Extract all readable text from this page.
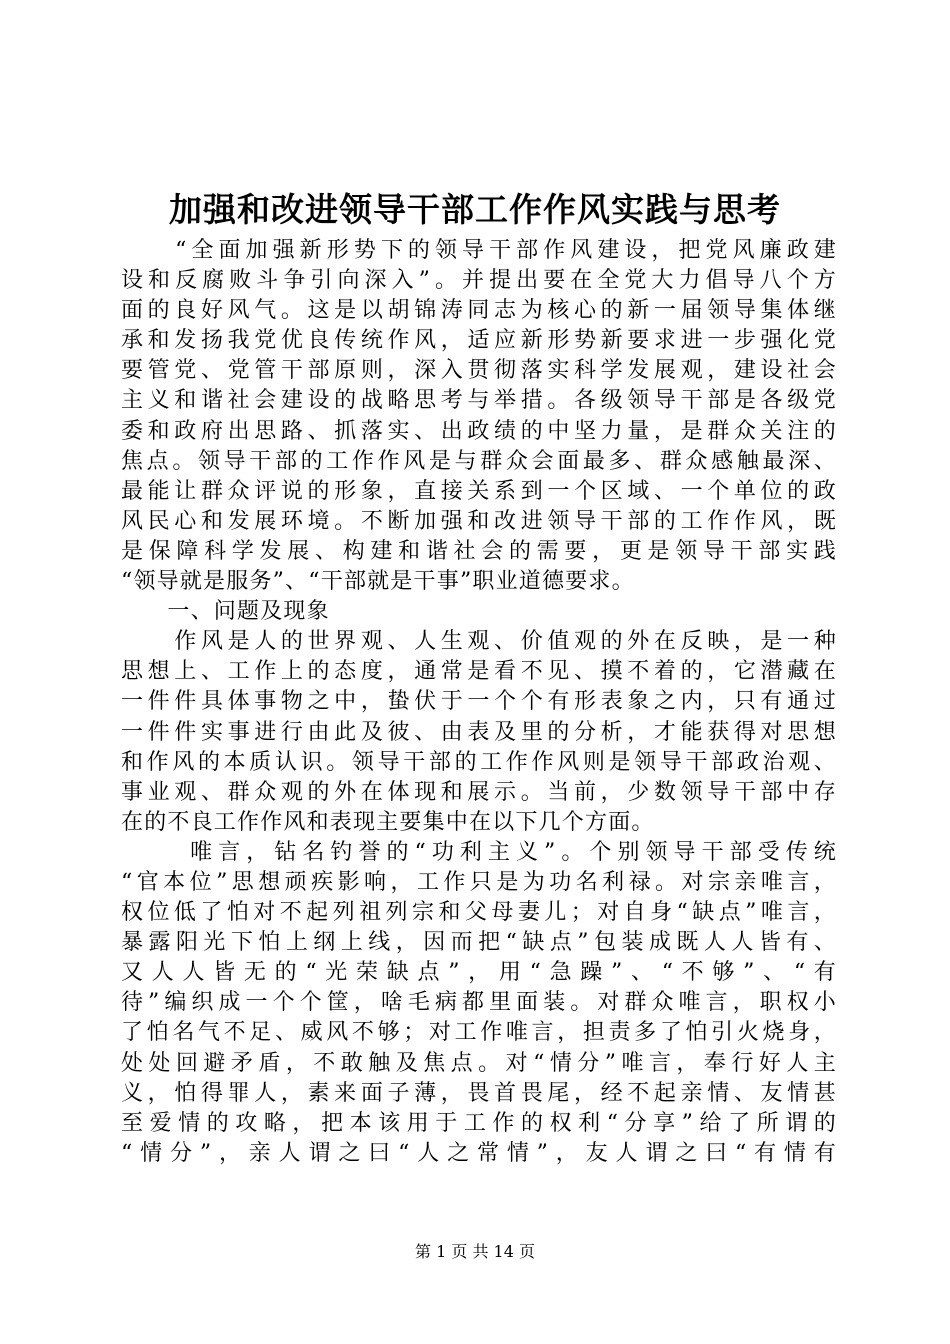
加强和改进领导干部工作作风实践与思考
　　“全面加强新形势下的领导干部作风建设，把党风廉政建
设和反腐败斗争引向深入”。并提出要在全党大力倡导八个方
面的良好风气。这是以胡锦涛同志为核心的新一届领导集体继
承和发扬我党优良传统作风，适应新形势新要求进一步强化党
要管党、党管干部原则，深入贯彻落实科学发展观，建设社会
主义和谐社会建设的战略思考与举措。各级领导干部是各级党
委和政府出思路、抓落实、出政绩的中坚力量，是群众关注的
焦点。领导干部的工作作风是与群众会面最多、群众感触最深、
最能让群众评说的形象，直接关系到一个区域、一个单位的政
风民心和发展环境。不断加强和改进领导干部的工作作风，既
是保障科学发展、构建和谐社会的需要，更是领导干部实践
“领导就是服务”、“干部就是干事”职业道德要求。
　　一、问题及现象
　　作风是人的世界观、人生观、价值观的外在反映，是一种
思想上、工作上的态度，通常是看不见、摸不着的，它潜藏在
一件件具体事物之中，蛰伏于一个个有形表象之内，只有通过
一件件实事进行由此及彼、由表及里的分析，才能获得对思想
和作风的本质认识。领导干部的工作作风则是领导干部政治观、
事业观、群众观的外在体现和展示。当前，少数领导干部中存
在的不良工作作风和表现主要集中在以下几个方面。
　　 唯言，钻名钓誉的“功利主义”。个别领导干部受传统
“官本位”思想顽疾影响，工作只是为功名利禄。对宗亲唯言，
权位低了怕对不起列祖列宗和父母妻儿；对自身“缺点”唯言，
暴露阳光下怕上纲上线，因而把“缺点”包装成既人人皆有、
又人人皆无的“光荣缺点”，用“急躁”、“不够”、“有
待”编织成一个个筐，啥毛病都里面装。对群众唯言，职权小
了怕名气不足、威风不够；对工作唯言，担责多了怕引火烧身，
处处回避矛盾，不敢触及焦点。对“情分”唯言，奉行好人主
义，怕得罪人，素来面子薄，畏首畏尾，经不起亲情、友情甚
至爱情的攻略，把本该用于工作的权利“分享”给了所谓的
“情分”，亲人谓之曰“人之常情”，友人谓之曰“有情有
第 1 页 共 14 页
